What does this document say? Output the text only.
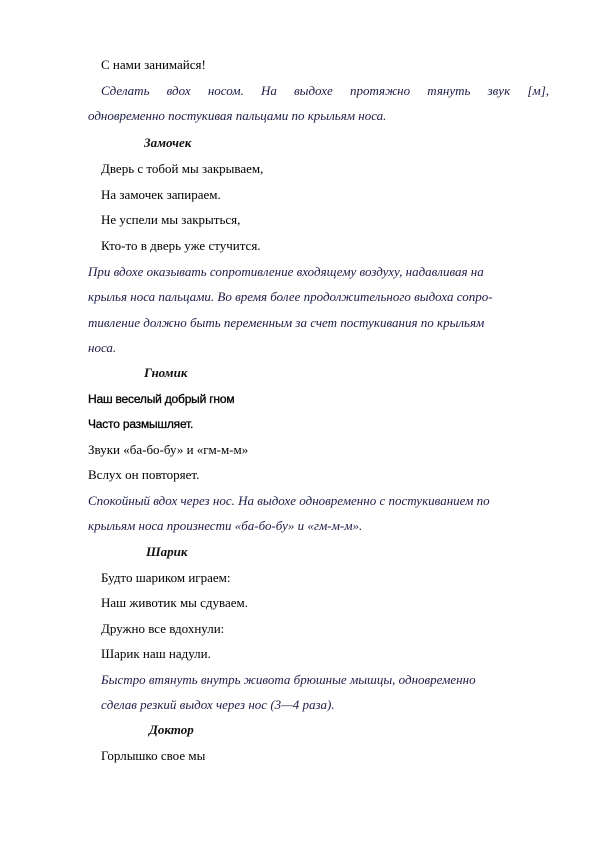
С нами занимайся!

Сделать вдох носом. На выдохе протяжно тянуть звук [м],

одновременно постукивая пальцами по крыльям носа.

Замочек

Дверь с тобой мы закрываем,

На замочек запираем.

Не успели мы закрыться,

Кто-то в дверь уже стучится.

При вдохе оказывать сопротивление входящему воздуху, надавливая на

крылья носа пальцами. Во время более продолжительного выдоха сопро-

тивление должно быть переменным за счет постукивания по крыльям

носа.

Гномик

Наш веселый добрый гном

Часто размышляет.

Звуки «ба-бо-бу» и «гм-м-м»

Вслух он повторяет.

Спокойный вдох через нос. На выдохе одновременно с постукиванием по

крыльям носа произнести «ба-бо-бу» и «гм-м-м».

Шарик

Будто шариком играем:

Наш животик мы сдуваем.

Дружно все вдохнули:

Шарик наш надули.

Быстро втянуть внутрь живота брюшные мышцы, одновременно

сделав резкий выдох через нос (3—4 раза).

Доктор

Горлышко свое мы
